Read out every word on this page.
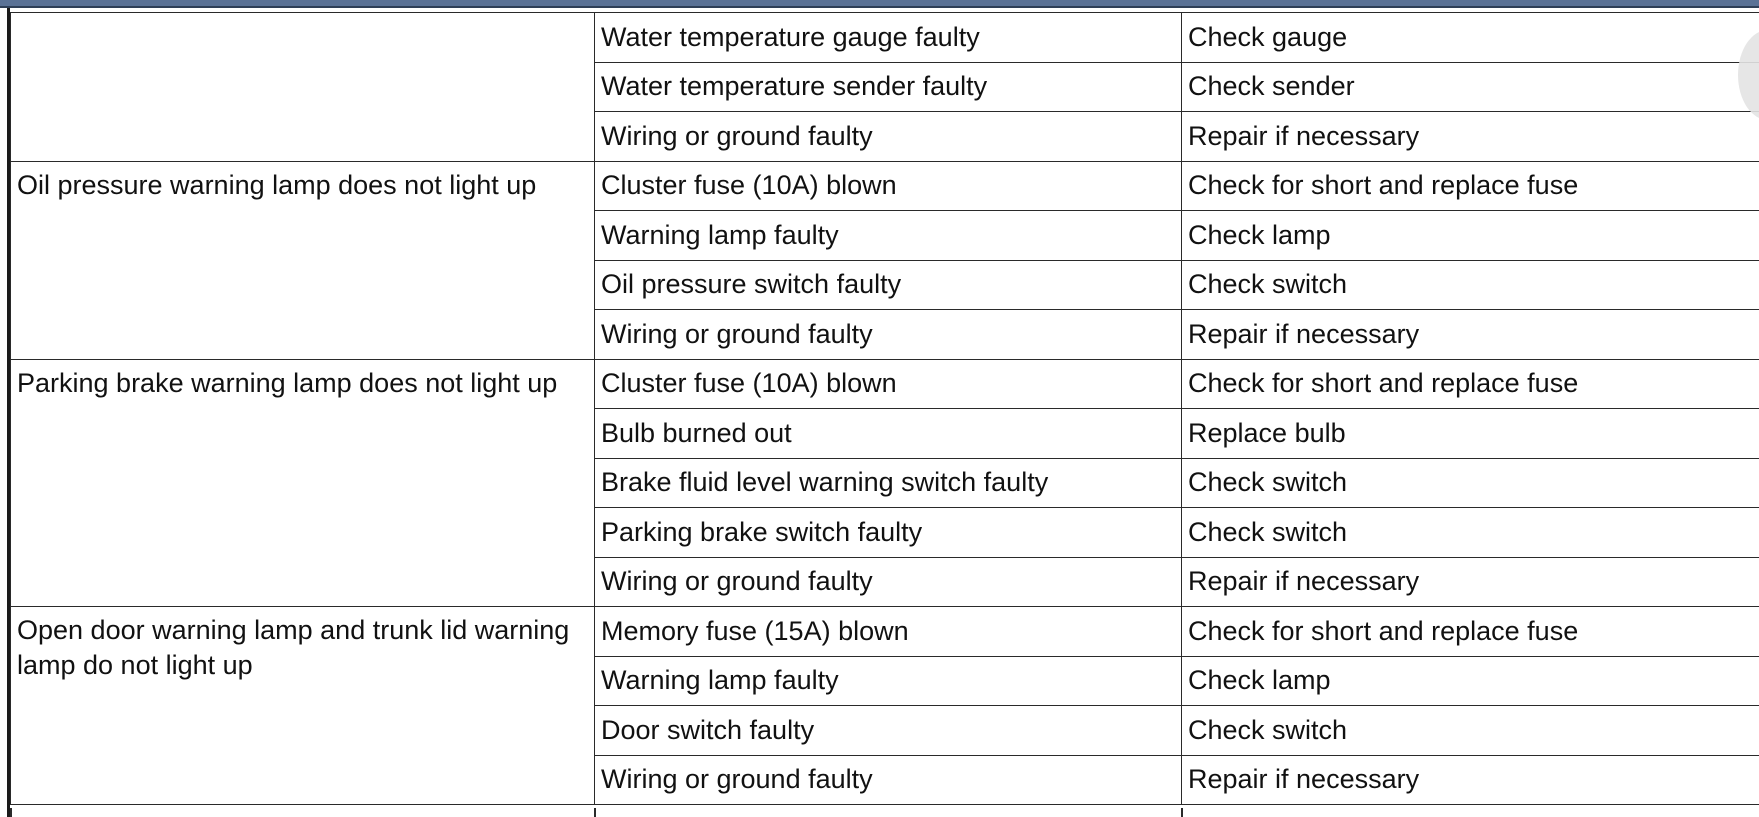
	Water temperature gauge faulty	Check gauge
	Water temperature sender faulty	Check sender
	Wiring or ground faulty	Repair if necessary
Oil pressure warning lamp does not light up	Cluster fuse (10A) blown	Check for short and replace fuse
	Warning lamp faulty	Check lamp
	Oil pressure switch faulty	Check switch
	Wiring or ground faulty	Repair if necessary
Parking brake warning lamp does not light up	Cluster fuse (10A) blown	Check for short and replace fuse
	Bulb burned out	Replace bulb
	Brake fluid level warning switch faulty	Check switch
	Parking brake switch faulty	Check switch
	Wiring or ground faulty	Repair if necessary
Open door warning lamp and trunk lid warning lamp do not light up	Memory fuse (15A) blown	Check for short and replace fuse
	Warning lamp faulty	Check lamp
	Door switch faulty	Check switch
	Wiring or ground faulty	Repair if necessary
